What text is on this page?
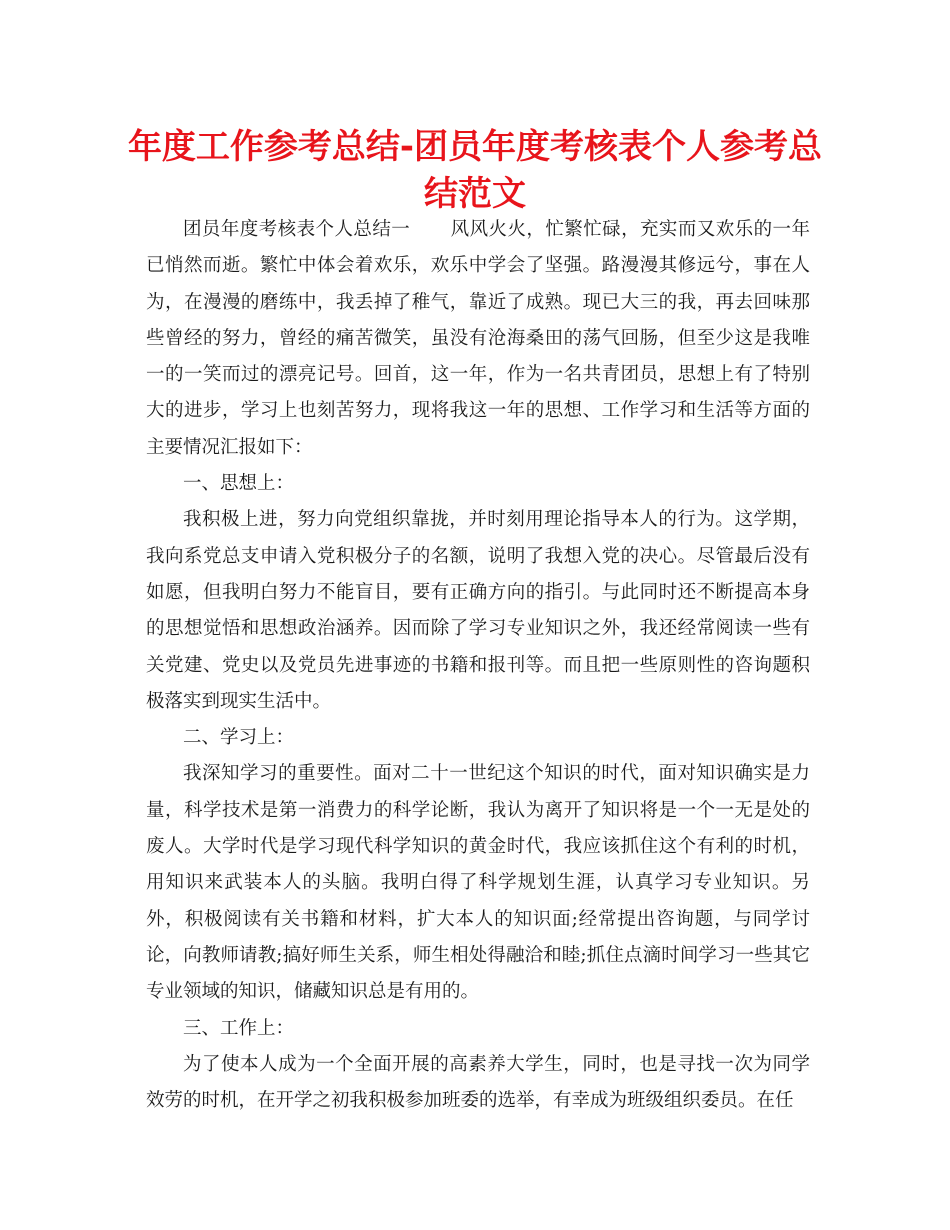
年度工作参考总结-团员年度考核表个人参考总结范文

团员年度考核表个人总结一 风风火火，忙繁忙碌，充实而又欢乐的一年已悄然而逝。繁忙中体会着欢乐，欢乐中学会了坚强。路漫漫其修远兮，事在人为，在漫漫的磨练中，我丢掉了稚气，靠近了成熟。现已大三的我，再去回味那些曾经的努力，曾经的痛苦微笑，虽没有沧海桑田的荡气回肠，但至少这是我唯一的一笑而过的漂亮记号。回首，这一年，作为一名共青团员，思想上有了特别大的进步，学习上也刻苦努力，现将我这一年的思想、工作学习和生活等方面的主要情况汇报如下：

一、思想上：

我积极上进，努力向党组织靠拢，并时刻用理论指导本人的行为。这学期，我向系党总支申请入党积极分子的名额，说明了我想入党的决心。尽管最后没有如愿，但我明白努力不能盲目，要有正确方向的指引。与此同时还不断提高本身的思想觉悟和思想政治涵养。因而除了学习专业知识之外，我还经常阅读一些有关党建、党史以及党员先进事迹的书籍和报刊等。而且把一些原则性的咨询题积极落实到现实生活中。

二、学习上：

我深知学习的重要性。面对二十一世纪这个知识的时代，面对知识确实是力量，科学技术是第一消费力的科学论断，我认为离开了知识将是一个一无是处的废人。大学时代是学习现代科学知识的黄金时代，我应该抓住这个有利的时机，用知识来武装本人的头脑。我明白得了科学规划生涯，认真学习专业知识。另外，积极阅读有关书籍和材料，扩大本人的知识面;经常提出咨询题，与同学讨论，向教师请教;搞好师生关系，师生相处得融洽和睦;抓住点滴时间学习一些其它专业领域的知识，储藏知识总是有用的。

三、工作上：

为了使本人成为一个全面开展的高素养大学生，同时，也是寻找一次为同学效劳的时机，在开学之初我积极参加班委的选举，有幸成为班级组织委员。在任
